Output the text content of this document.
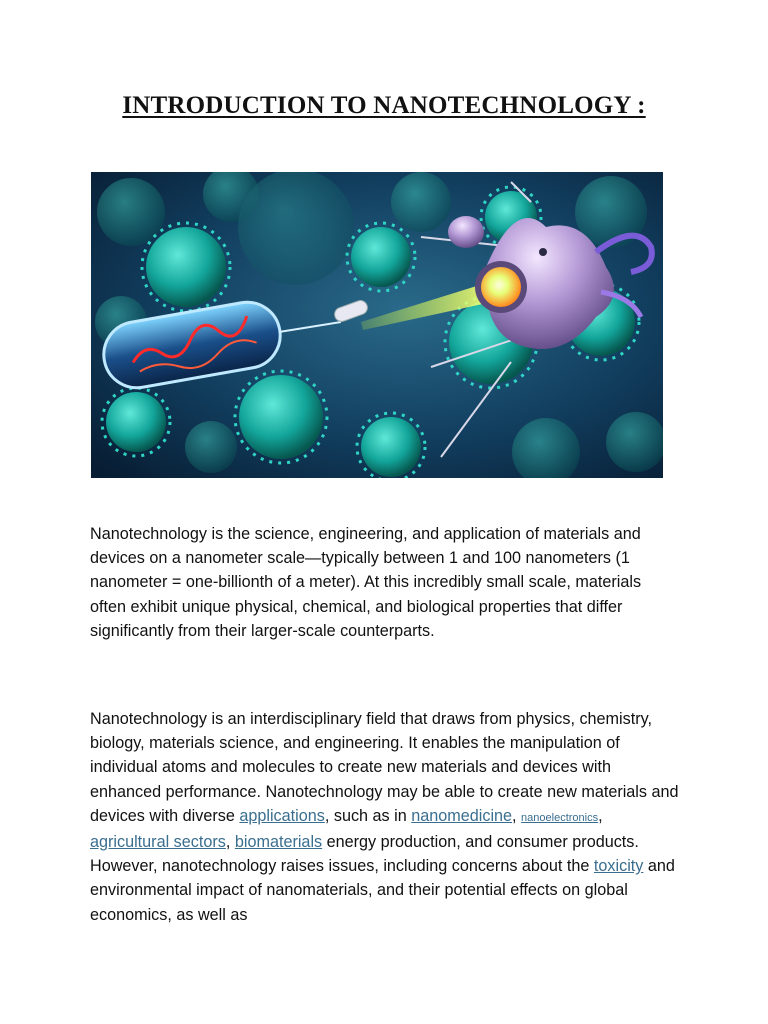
INTRODUCTION TO NANOTECHNOLOGY :

Nanotechnology is the science, engineering, and application of materials and devices on a nanometer scale—typically between 1 and 100 nanometers (1 nanometer = one-billionth of a meter). At this incredibly small scale, materials often exhibit unique physical, chemical, and biological properties that differ significantly from their larger-scale counterparts.

Nanotechnology is an interdisciplinary field that draws from physics, chemistry, biology, materials science, and engineering. It enables the manipulation of individual atoms and molecules to create new materials and devices with enhanced performance. Nanotechnology may be able to create new materials and devices with diverse applications, such as in nanomedicine, nanoelectronics, agricultural sectors, biomaterials energy production, and consumer products. However, nanotechnology raises issues, including concerns about the toxicity and environmental impact of nanomaterials, and their potential effects on global economics, as well as
